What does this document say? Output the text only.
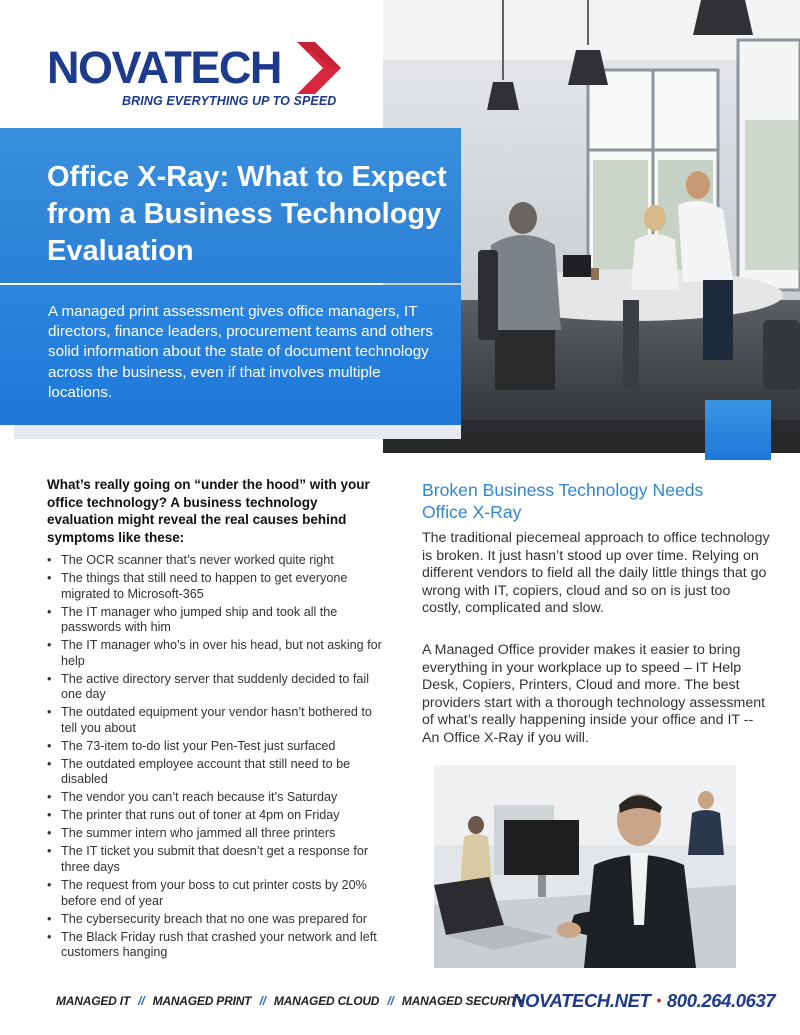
NOVATECH
BRING EVERYTHING UP TO SPEED
Office X-Ray: What to Expect from a Business Technology Evaluation
A managed print assessment gives office managers, IT directors, finance leaders, procurement teams and others solid information about the state of document technology across the business, even if that involves multiple locations.
What’s really going on “under the hood” with your office technology? A business technology evaluation might reveal the real causes behind symptoms like these:
• The OCR scanner that’s never worked quite right
• The things that still need to happen to get everyone migrated to Microsoft-365
• The IT manager who jumped ship and took all the passwords with him
• The IT manager who’s in over his head, but not asking for help
• The active directory server that suddenly decided to fail one day
• The outdated equipment your vendor hasn’t bothered to tell you about
• The 73-item to-do list your Pen-Test just surfaced
• The outdated employee account that still need to be disabled
• The vendor you can’t reach because it’s Saturday
• The printer that runs out of toner at 4pm on Friday
• The summer intern who jammed all three printers
• The IT ticket you submit that doesn’t get a response for three days
• The request from your boss to cut printer costs by 20% before end of year
• The cybersecurity breach that no one was prepared for
• The Black Friday rush that crashed your network and left customers hanging
Broken Business Technology Needs Office X-Ray
The traditional piecemeal approach to office technology is broken. It just hasn’t stood up over time. Relying on different vendors to field all the daily little things that go wrong with IT, copiers, cloud and so on is just too costly, complicated and slow.
A Managed Office provider makes it easier to bring everything in your workplace up to speed – IT Help Desk, Copiers, Printers, Cloud and more. The best providers start with a thorough technology assessment of what’s really happening inside your office and IT -- An Office X-Ray if you will.
MANAGED IT // MANAGED PRINT // MANAGED CLOUD // MANAGED SECURITY
NOVATECH.NET • 800.264.0637
